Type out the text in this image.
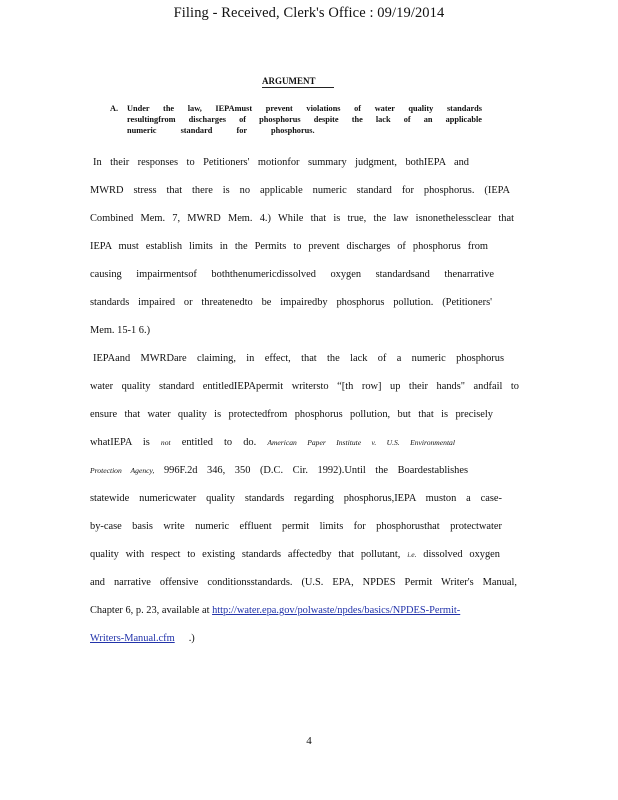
Filing - Received, Clerk's Office : 09/19/2014
ARGUMENT
A. Under the law, IEPAmust prevent violations of water quality standards
resultingfrom discharges of phosphorus despite the lack of an applicable
numeric standard for phosphorus.
In their responses to Petitioners' motionfor summary judgment, bothIEPA and
MWRD stress that there is no applicable numeric standard for phosphorus. (IEPA
Combined Mem. 7, MWRD Mem. 4.) While that is true, the law isnonethelessclear that
IEPA must establish limits in the Permits to prevent discharges of phosphorus from
causing impairmentsof boththenumericdissolved oxygen standardsand thenarrative
standards impaired or threatenedto be impairedby phosphorus pollution. (Petitioners'
Mem. 15-1 6.)
IEPAand MWRDare claiming, in effect, that the lack of a numeric phosphorus
water quality standard entitledIEPApermit writersto “[th row] up their hands" andfail to
ensure that water quality is protectedfrom phosphorus pollution, but that is precisely
whatIEPA is not entitled to do. American Paper Institute v. U.S. Environmental
Protection Agency, 996F.2d 346, 350 (D.C. Cir. 1992).Until the Boardestablishes
statewide numericwater quality standards regarding phosphorus,IEPA muston a case-
by-case basis write numeric effluent permit limits for phosphorusthat protectwater
quality with respect to existing standards affectedby that pollutant, i.e. dissolved oxygen
and narrative offensive conditionsstandards. (U.S. EPA, NPDES Permit Writer's Manual,
Chapter 6, p. 23, available at http://water.epa.gov/polwaste/npdes/basics/NPDES-Permit-
Writers-Manual.cfm .)
4
